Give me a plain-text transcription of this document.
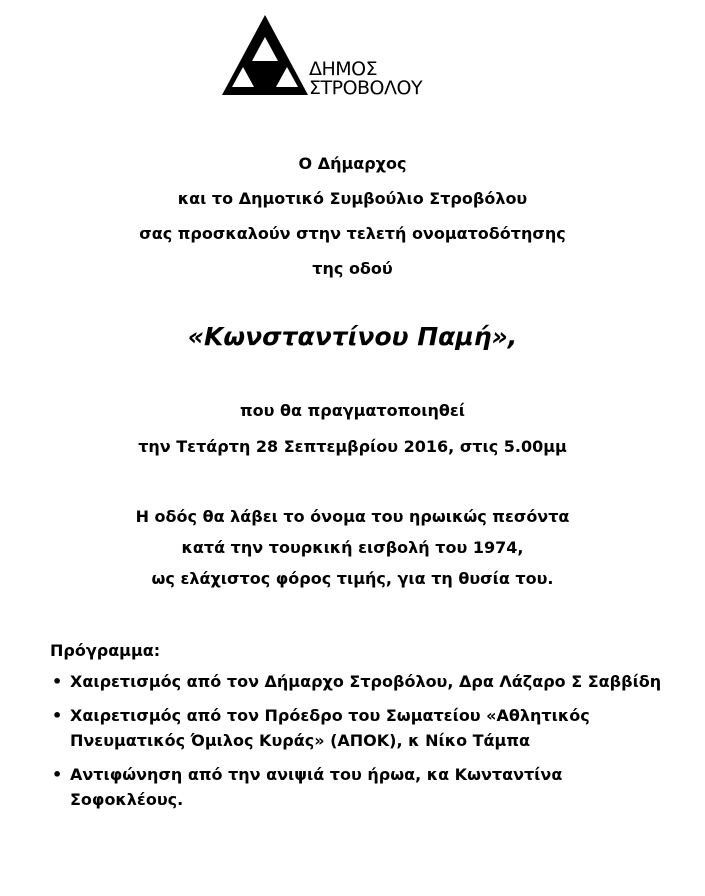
ΔΗΜΟΣ
ΣΤΡΟΒΟΛΟΥ
Ο Δήμαρχος
και το Δημοτικό Συμβούλιο Στροβόλου
σας προσκαλούν στην τελετή ονοματοδότησης
της οδού
«Κωνσταντίνου Παμή»,
που θα πραγματοποιηθεί
την Τετάρτη 28 Σεπτεμβρίου 2016, στις 5.00μμ
Η οδός θα λάβει το όνομα του ηρωικώς πεσόντα
κατά την τουρκική εισβολή του 1974,
ως ελάχιστος φόρος τιμής, για τη θυσία του.
Πρόγραμμα:
• Χαιρετισμός από τον Δήμαρχο Στροβόλου, Δρα Λάζαρο Σ Σαββίδη
• Χαιρετισμός από τον Πρόεδρο του Σωματείου «Αθλητικός Πνευματικός Όμιλος Κυράς» (ΑΠΟΚ), κ Νίκο Τάμπα
• Αντιφώνηση από την ανιψιά του ήρωα, κα Κωνταντίνα Σοφοκλέους.
